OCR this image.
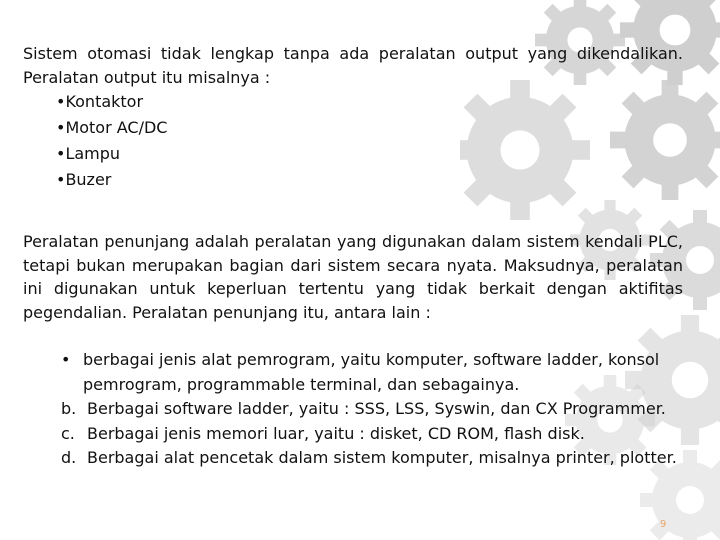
PERALATAN OUTPUT

Sistem otomasi tidak lengkap tanpa ada peralatan output yang dikendalikan. Peralatan output itu misalnya :

• Kontaktor
• Motor AC/DC
• Lampu
• Buzer
PERALATAN

Peralatan penunjang adalah peralatan yang digunakan dalam sistem kendali PLC, tetapi bukan merupakan bagian dari sistem secara nyata. Maksudnya, peralatan ini digunakan untuk keperluan tertentu yang tidak berkait dengan aktifitas pegendalian. Peralatan penunjang itu, antara lain :

• berbagai jenis alat pemrogram, yaitu komputer, software ladder, konsol pemrogram, programmable terminal, dan sebagainya.
b. Berbagai software ladder, yaitu : SSS, LSS, Syswin, dan CX Programmer.
c. Berbagai jenis memori luar, yaitu : disket, CD ROM, flash disk.
d. Berbagai alat pencetak dalam sistem komputer, misalnya printer, plotter.
9
